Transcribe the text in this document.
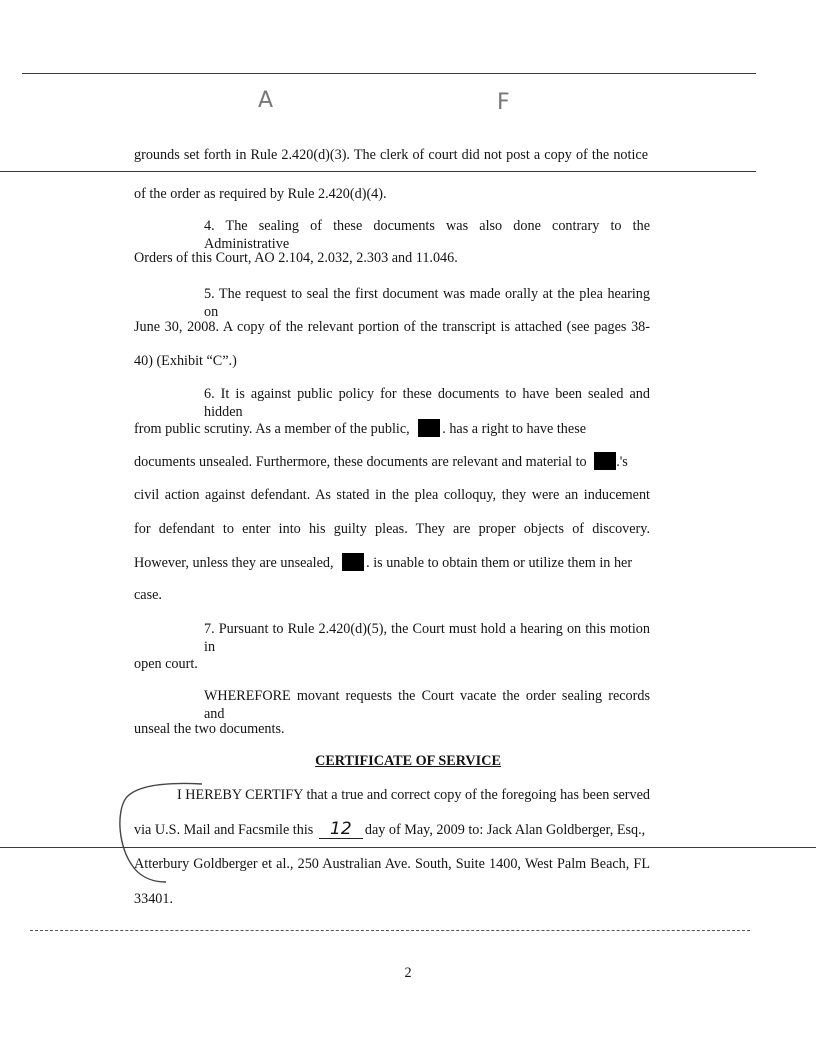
A	F
grounds set forth in Rule 2.420(d)(3). The clerk of court did not post a copy of the notice
of the order as required by Rule 2.420(d)(4).
4. The sealing of these documents was also done contrary to the Administrative
Orders of this Court, AO 2.104, 2.032, 2.303 and 11.046.
5. The request to seal the first document was made orally at the plea hearing on
June 30, 2008. A copy of the relevant portion of the transcript is attached (see pages 38-
40) (Exhibit “C”.)
6. It is against public policy for these documents to have been sealed and hidden
from public scrutiny. As a member of the public, . has a right to have these
documents unsealed. Furthermore, these documents are relevant and material to .'s
civil action against defendant. As stated in the plea colloquy, they were an inducement
for defendant to enter into his guilty pleas. They are proper objects of discovery.
However, unless they are unsealed, . is unable to obtain them or utilize them in her
case.
7. Pursuant to Rule 2.420(d)(5), the Court must hold a hearing on this motion in
open court.
WHEREFORE movant requests the Court vacate the order sealing records and
unseal the two documents.
CERTIFICATE OF SERVICE
I HEREBY CERTIFY that a true and correct copy of the foregoing has been served
via U.S. Mail and Facsmile this 12 day of May, 2009 to: Jack Alan Goldberger, Esq.,
Atterbury Goldberger et al., 250 Australian Ave. South, Suite 1400, West Palm Beach, FL
33401.
2
